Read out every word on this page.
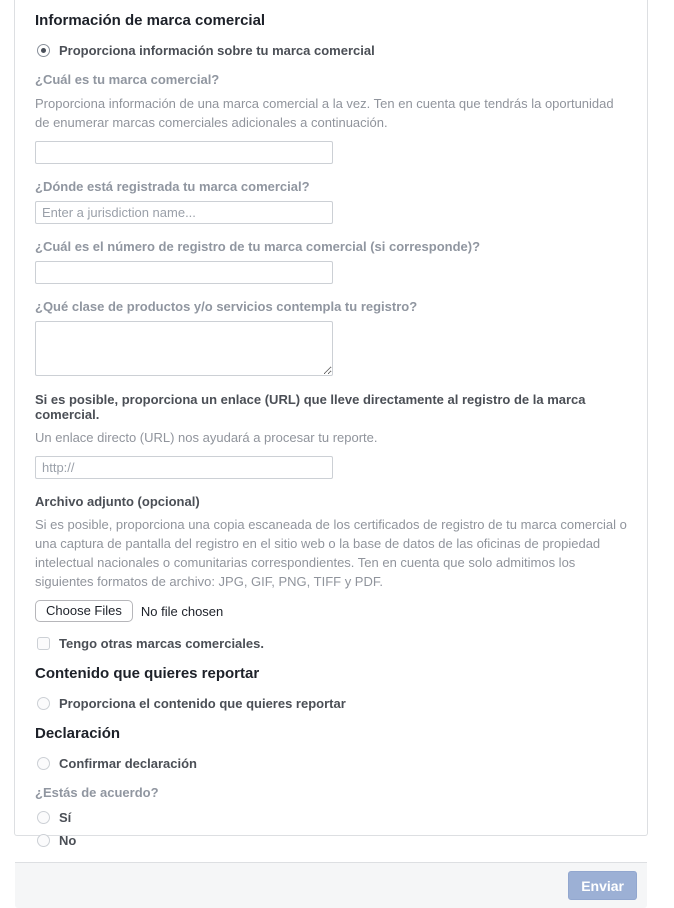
Información de marca comercial
Proporciona información sobre tu marca comercial
¿Cuál es tu marca comercial?

Proporciona información de una marca comercial a la vez. Ten en cuenta que tendrás la oportunidad de enumerar marcas comerciales adicionales a continuación.

¿Dónde está registrada tu marca comercial?
Enter a jurisdiction name...
¿Cuál es el número de registro de tu marca comercial (si corresponde)?
¿Qué clase de productos y/o servicios contempla tu registro?
Si es posible, proporciona un enlace (URL) que lleve directamente al registro de la marca comercial.

Un enlace directo (URL) nos ayudará a procesar tu reporte.

http://
Archivo adjunto (opcional)

Si es posible, proporciona una copia escaneada de los certificados de registro de tu marca comercial o una captura de pantalla del registro en el sitio web o la base de datos de las oficinas de propiedad intelectual nacionales o comunitarias correspondientes. Ten en cuenta que solo admitimos los siguientes formatos de archivo: JPG, GIF, PNG, TIFF y PDF.

Choose Files	No file chosen
Tengo otras marcas comerciales.
Contenido que quieres reportar
Proporciona el contenido que quieres reportar
Declaración
Confirmar declaración
¿Estás de acuerdo?
Sí
No
Enviar
